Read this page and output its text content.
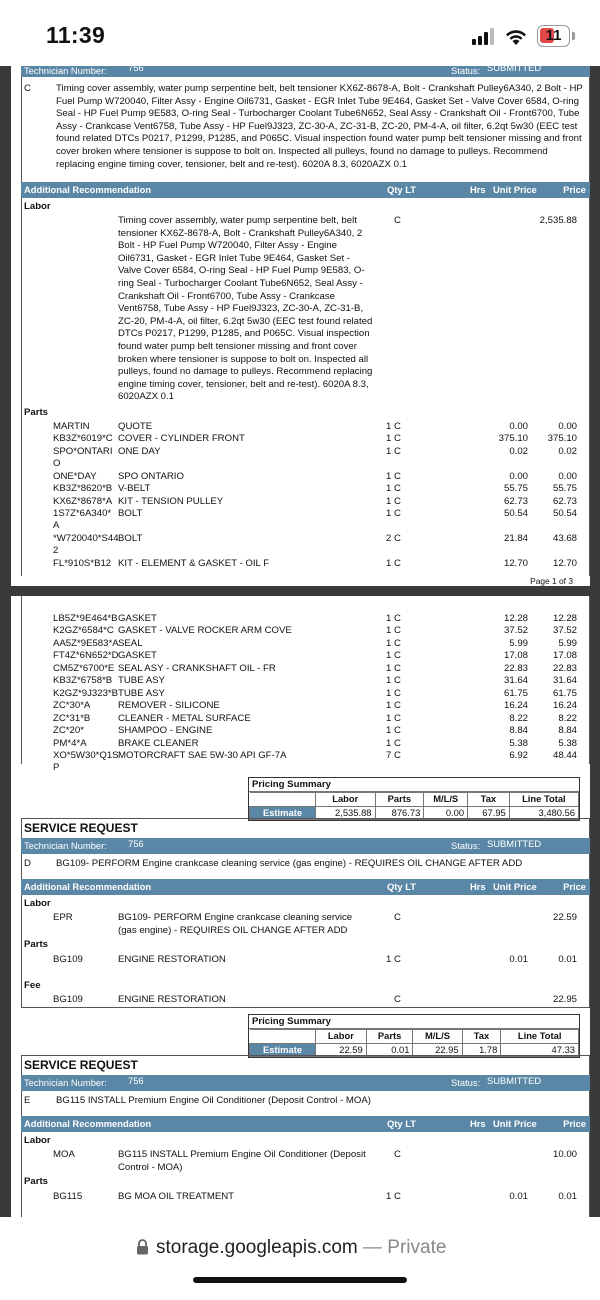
11:39	11
Technician Number: 756	Status: SUBMITTED
C	Timing cover assembly, water pump serpentine belt, belt tensioner KX6Z-8678-A, Bolt - Crankshaft Pulley6A340, 2 Bolt - HP Fuel Pump W720040, Filter Assy - Engine Oil6731, Gasket - EGR Inlet Tube 9E464, Gasket Set - Valve Cover 6584, O-ring Seal - HP Fuel Pump 9E583, O-ring Seal - Turbocharger Coolant Tube6N652, Seal Assy - Crankshaft Oil - Front6700, Tube Assy - Crankcase Vent6758, Tube Assy - HP Fuel9J323, ZC-30-A, ZC-31-B, ZC-20, PM-4-A, oil filter, 6.2qt 5w30 (EEC test found related DTCs P0217, P1299, P1285, and P065C. Visual inspection found water pump belt tensioner missing and front cover broken where tensioner is suppose to bolt on. Inspected all pulleys, found no damage to pulleys. Recommend replacing engine timing cover, tensioner, belt and re-test). 6020A 8.3, 6020AZX 0.1
Additional Recommendation	Qty LT	Hrs Unit Price	Price
Labor
Timing cover assembly, water pump serpentine belt, belt tensioner KX6Z-8678-A, Bolt - Crankshaft Pulley6A340, 2 Bolt - HP Fuel Pump W720040, Filter Assy - Engine Oil6731, Gasket - EGR Inlet Tube 9E464, Gasket Set - Valve Cover 6584, O-ring Seal - HP Fuel Pump 9E583, O-ring Seal - Turbocharger Coolant Tube6N652, Seal Assy - Crankshaft Oil - Front6700, Tube Assy - Crankcase Vent6758, Tube Assy - HP Fuel9J323, ZC-30-A, ZC-31-B, ZC-20, PM-4-A, oil filter, 6.2qt 5w30 (EEC test found related DTCs P0217, P1299, P1285, and P065C. Visual inspection found water pump belt tensioner missing and front cover broken where tensioner is suppose to bolt on. Inspected all pulleys, found no damage to pulleys. Recommend replacing engine timing cover, tensioner, belt and re-test). 6020A 8.3, 6020AZX 0.1
C	2,535.88
Parts
MARTIN	QUOTE	1 C	0.00	0.00
KB3Z*6019*C COVER - CYLINDER FRONT	1 C	375.10 375.10
SPO*ONTARI ONE DAY	1 C	0.02	0.02
O
ONE*DAY SPO ONTARIO	1 C	0.00	0.00
KB3Z*8620*B V-BELT	1 C	55.75	55.75
KX6Z*8678*A KIT - TENSION PULLEY	1 C	62.73	62.73
1S7Z*6A340* BOLT	1 C	50.54	50.54
A
*W720040*S44 BOLT	2 C	21.84	43.68
2
FL*910S*B12 KIT - ELEMENT & GASKET - OIL F	1 C	12.70	12.70
Page 1 of 3
LB5Z*9E464*B GASKET	1 C	12.28	12.28
K2GZ*6584*C GASKET - VALVE ROCKER ARM COVE	1 C	37.52	37.52
AA5Z*9E583*A SEAL	1 C	5.99	5.99
FT4Z*6N652*D GASKET	1 C	17.08	17.08
CM5Z*6700*E SEAL ASY - CRANKSHAFT OIL - FR	1 C	22.83	22.83
KB3Z*6758*B TUBE ASY	1 C	31.64	31.64
K2GZ*9J323*B TUBE ASY	1 C	61.75	61.75
ZC*30*A	REMOVER - SILICONE	1 C	16.24	16.24
ZC*31*B	CLEANER - METAL SURFACE	1 C	8.22	8.22
ZC*20*	SHAMPOO - ENGINE	1 C	8.84	8.84
PM*4*A	BRAKE CLEANER	1 C	5.38	5.38
XO*5W30*Q1S MOTORCRAFT SAE 5W-30 API GF-7A	7 C	6.92	48.44
P
Pricing Summary
	Labor	Parts	M/L/S	Tax	Line Total
Estimate	2,535.88	876.73	0.00	67.95	3,480.56
SERVICE REQUEST
Technician Number: 756	Status: SUBMITTED
D	BG109- PERFORM Engine crankcase cleaning service (gas engine) - REQUIRES OIL CHANGE AFTER ADD
Additional Recommendation	Qty LT	Hrs Unit Price	Price
Labor
EPR	BG109- PERFORM Engine crankcase cleaning service (gas engine) - REQUIRES OIL CHANGE AFTER ADD
C	22.59
Parts
BG109	ENGINE RESTORATION	1 C	0.01	0.01
Fee
BG109	ENGINE RESTORATION	C	22.95
Pricing Summary
	Labor	Parts	M/L/S	Tax	Line Total
Estimate	22.59	0.01	22.95	1.78	47.33
SERVICE REQUEST
Technician Number: 756	Status: SUBMITTED
E	BG115 INSTALL Premium Engine Oil Conditioner (Deposit Control - MOA)
Additional Recommendation	Qty LT	Hrs Unit Price	Price
Labor
MOA	BG115 INSTALL Premium Engine Oil Conditioner (Deposit Control - MOA)
C	10.00
Parts
BG115	BG MOA OIL TREATMENT	1 C	0.01	0.01
storage.googleapis.com — Private
